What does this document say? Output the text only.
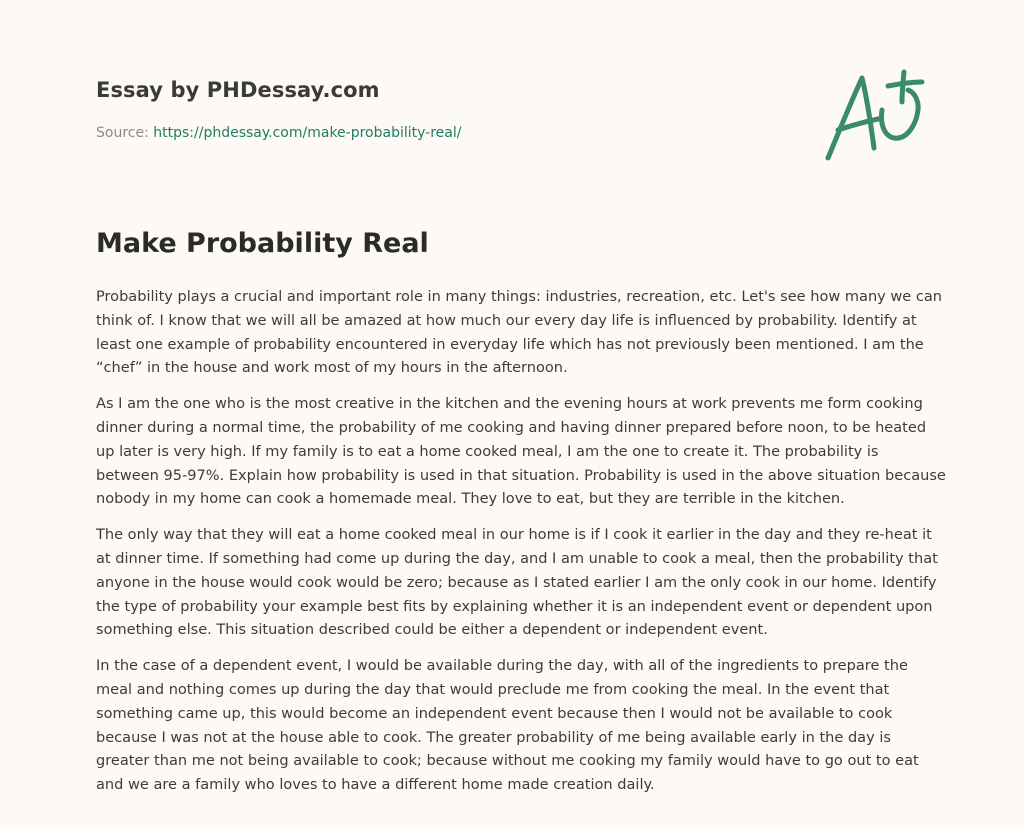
Essay by PHDessay.com
Source: https://phdessay.com/make-probability-real/
Make Probability Real

Probability plays a crucial and important role in many things: industries, recreation, etc. Let's see how many we can think of. I know that we will all be amazed at how much our every day life is influenced by probability. Identify at least one example of probability encountered in everyday life which has not previously been mentioned. I am the “chef” in the house and work most of my hours in the afternoon.

As I am the one who is the most creative in the kitchen and the evening hours at work prevents me form cooking dinner during a normal time, the probability of me cooking and having dinner prepared before noon, to be heated up later is very high. If my family is to eat a home cooked meal, I am the one to create it. The probability is between 95-97%. Explain how probability is used in that situation. Probability is used in the above situation because nobody in my home can cook a homemade meal. They love to eat, but they are terrible in the kitchen.

The only way that they will eat a home cooked meal in our home is if I cook it earlier in the day and they re-heat it at dinner time. If something had come up during the day, and I am unable to cook a meal, then the probability that anyone in the house would cook would be zero; because as I stated earlier I am the only cook in our home. Identify the type of probability your example best fits by explaining whether it is an independent event or dependent upon something else. This situation described could be either a dependent or independent event.

In the case of a dependent event, I would be available during the day, with all of the ingredients to prepare the meal and nothing comes up during the day that would preclude me from cooking the meal. In the event that something came up, this would become an independent event because then I would not be available to cook because I was not at the house able to cook. The greater probability of me being available early in the day is greater than me not being available to cook; because without me cooking my family would have to go out to eat and we are a family who loves to have a different home made creation daily.
